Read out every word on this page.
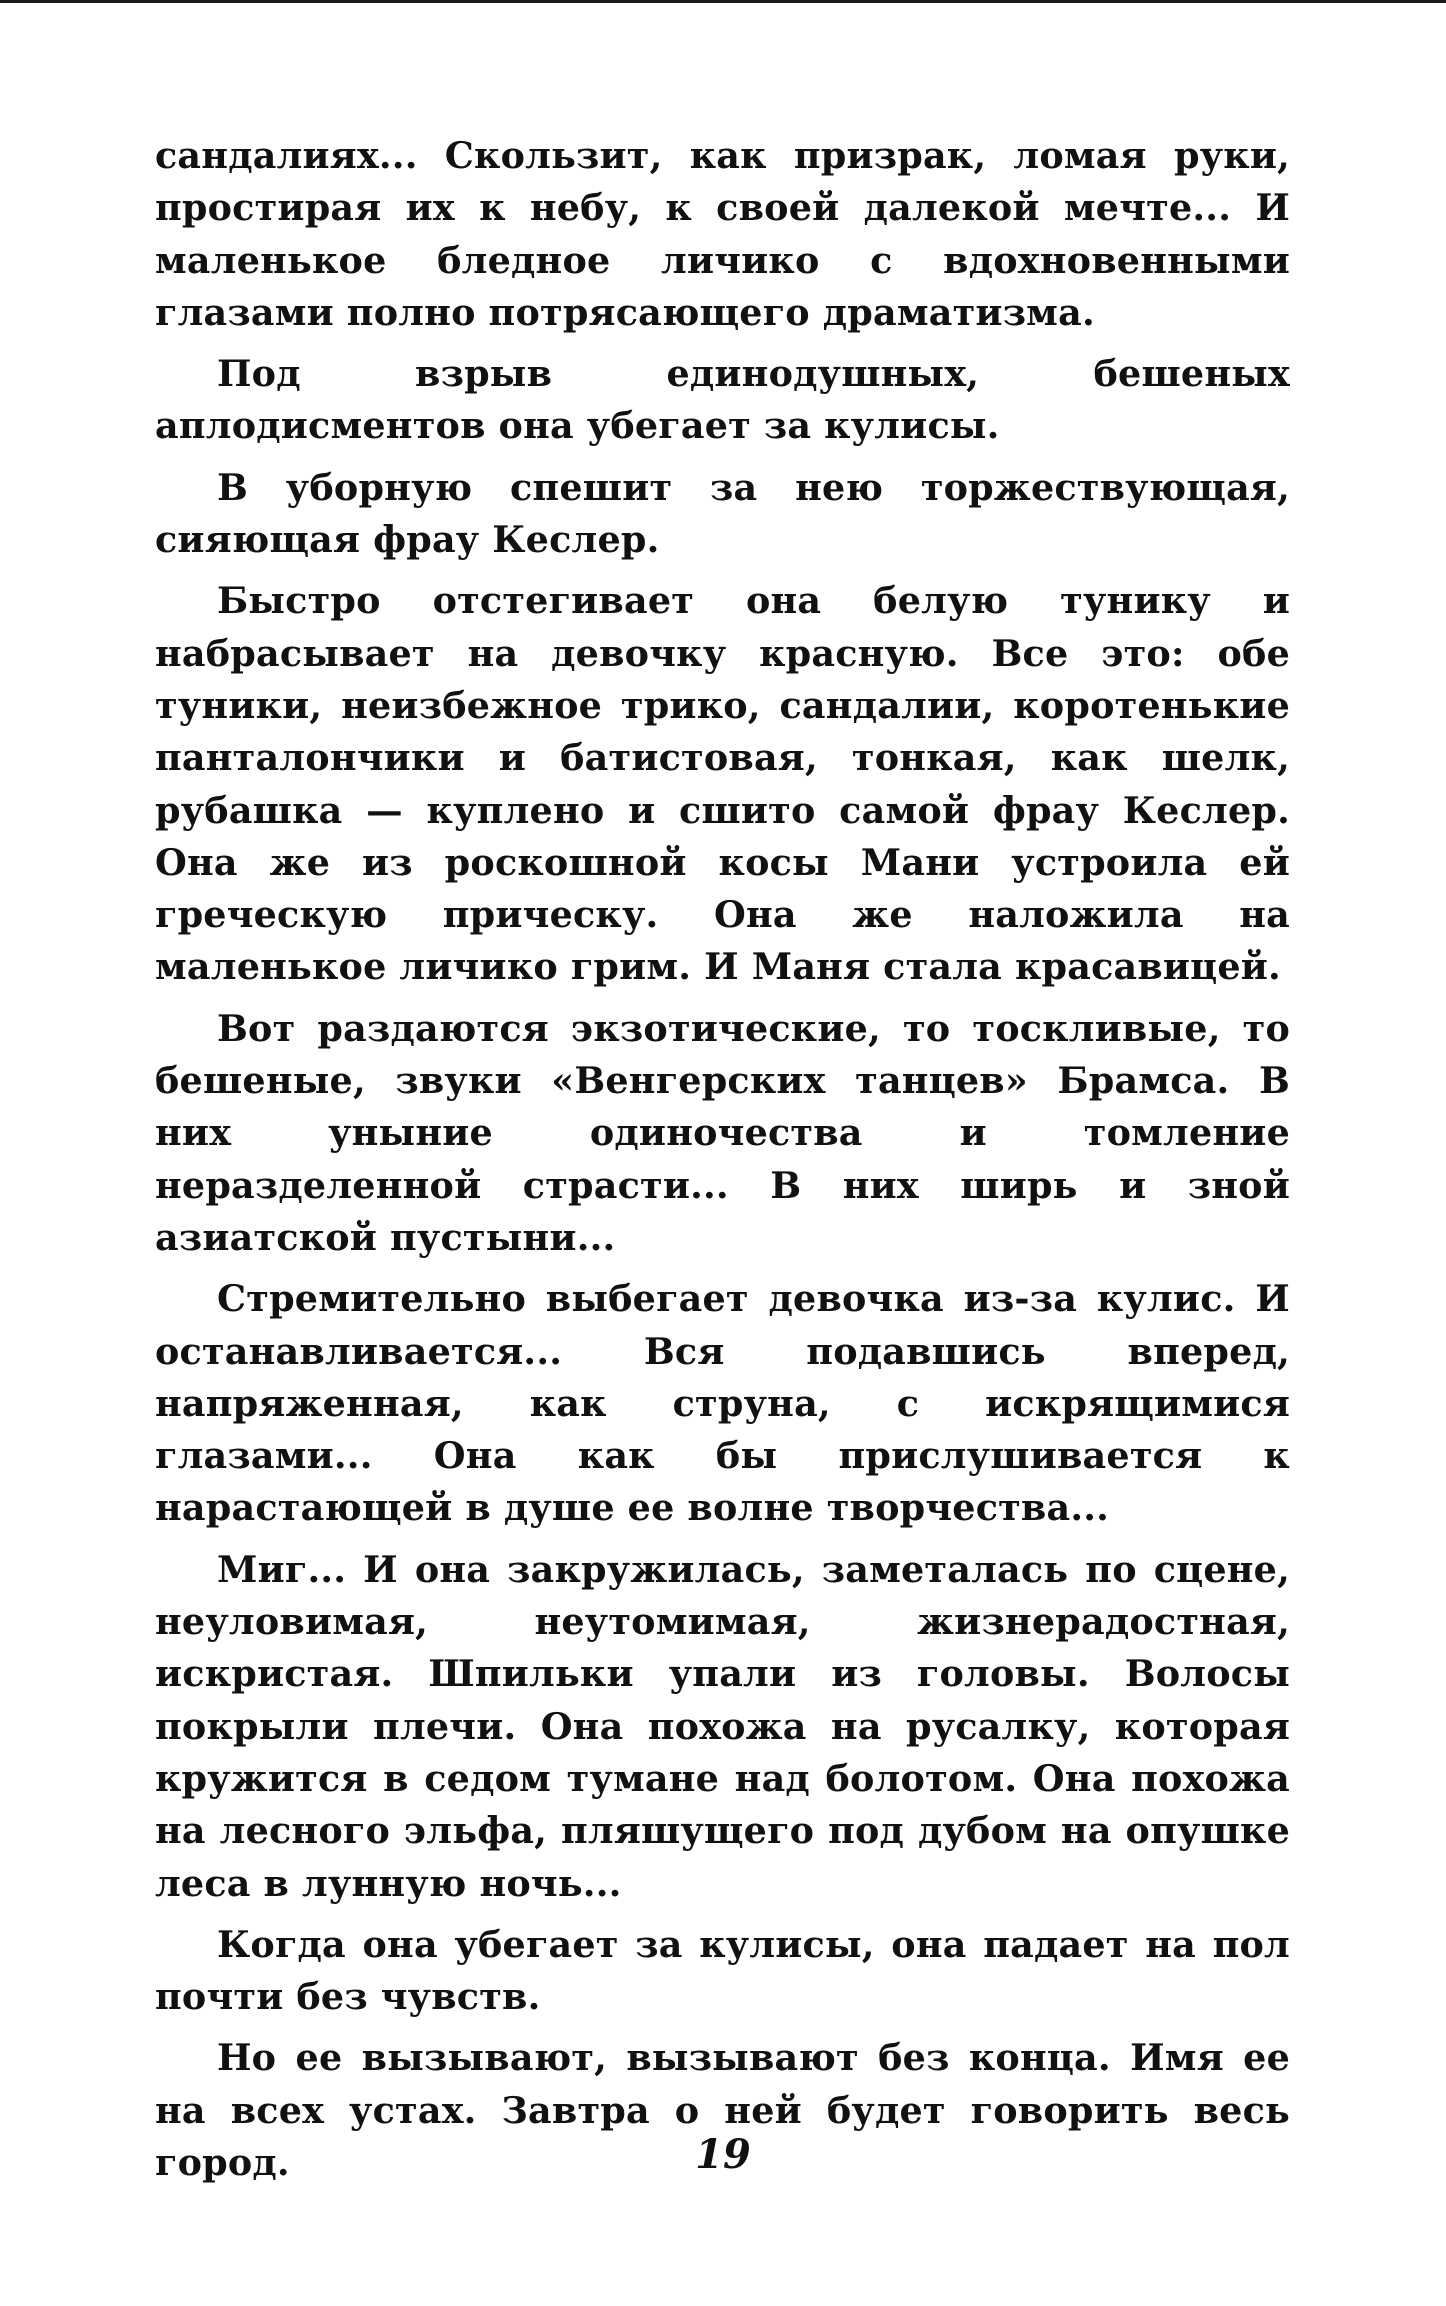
сандалиях... Скользит, как призрак, ломая руки, простирая их к небу, к своей далекой мечте... И маленькое бледное личико с вдохновенными глазами полно потрясающего драматизма.

Под взрыв единодушных, бешеных аплодисментов она убегает за кулисы.

В уборную спешит за нею торжествующая, сияющая фрау Кеслер.

Быстро отстегивает она белую тунику и набрасывает на девочку красную. Все это: обе туники, неизбежное трико, сандалии, коротенькие панталончики и батистовая, тонкая, как шелк, рубашка — куплено и сшито самой фрау Кеслер. Она же из роскошной косы Мани устроила ей греческую прическу. Она же наложила на маленькое личико грим. И Маня стала красавицей.

Вот раздаются экзотические, то тоскливые, то бешеные, звуки «Венгерских танцев» Брамса. В них уныние одиночества и томление неразделенной страсти... В них ширь и зной азиатской пустыни...

Стремительно выбегает девочка из-за кулис. И останавливается... Вся подавшись вперед, напряженная, как струна, с искрящимися глазами... Она как бы прислушивается к нарастающей в душе ее волне творчества...

Миг... И она закружилась, заметалась по сцене, неуловимая, неутомимая, жизнерадостная, искристая. Шпильки упали из головы. Волосы покрыли плечи. Она похожа на русалку, которая кружится в седом тумане над болотом. Она похожа на лесного эльфа, пляшущего под дубом на опушке леса в лунную ночь...

Когда она убегает за кулисы, она падает на пол почти без чувств.

Но ее вызывают, вызывают без конца. Имя ее на всех устах. Завтра о ней будет говорить весь город.	19
